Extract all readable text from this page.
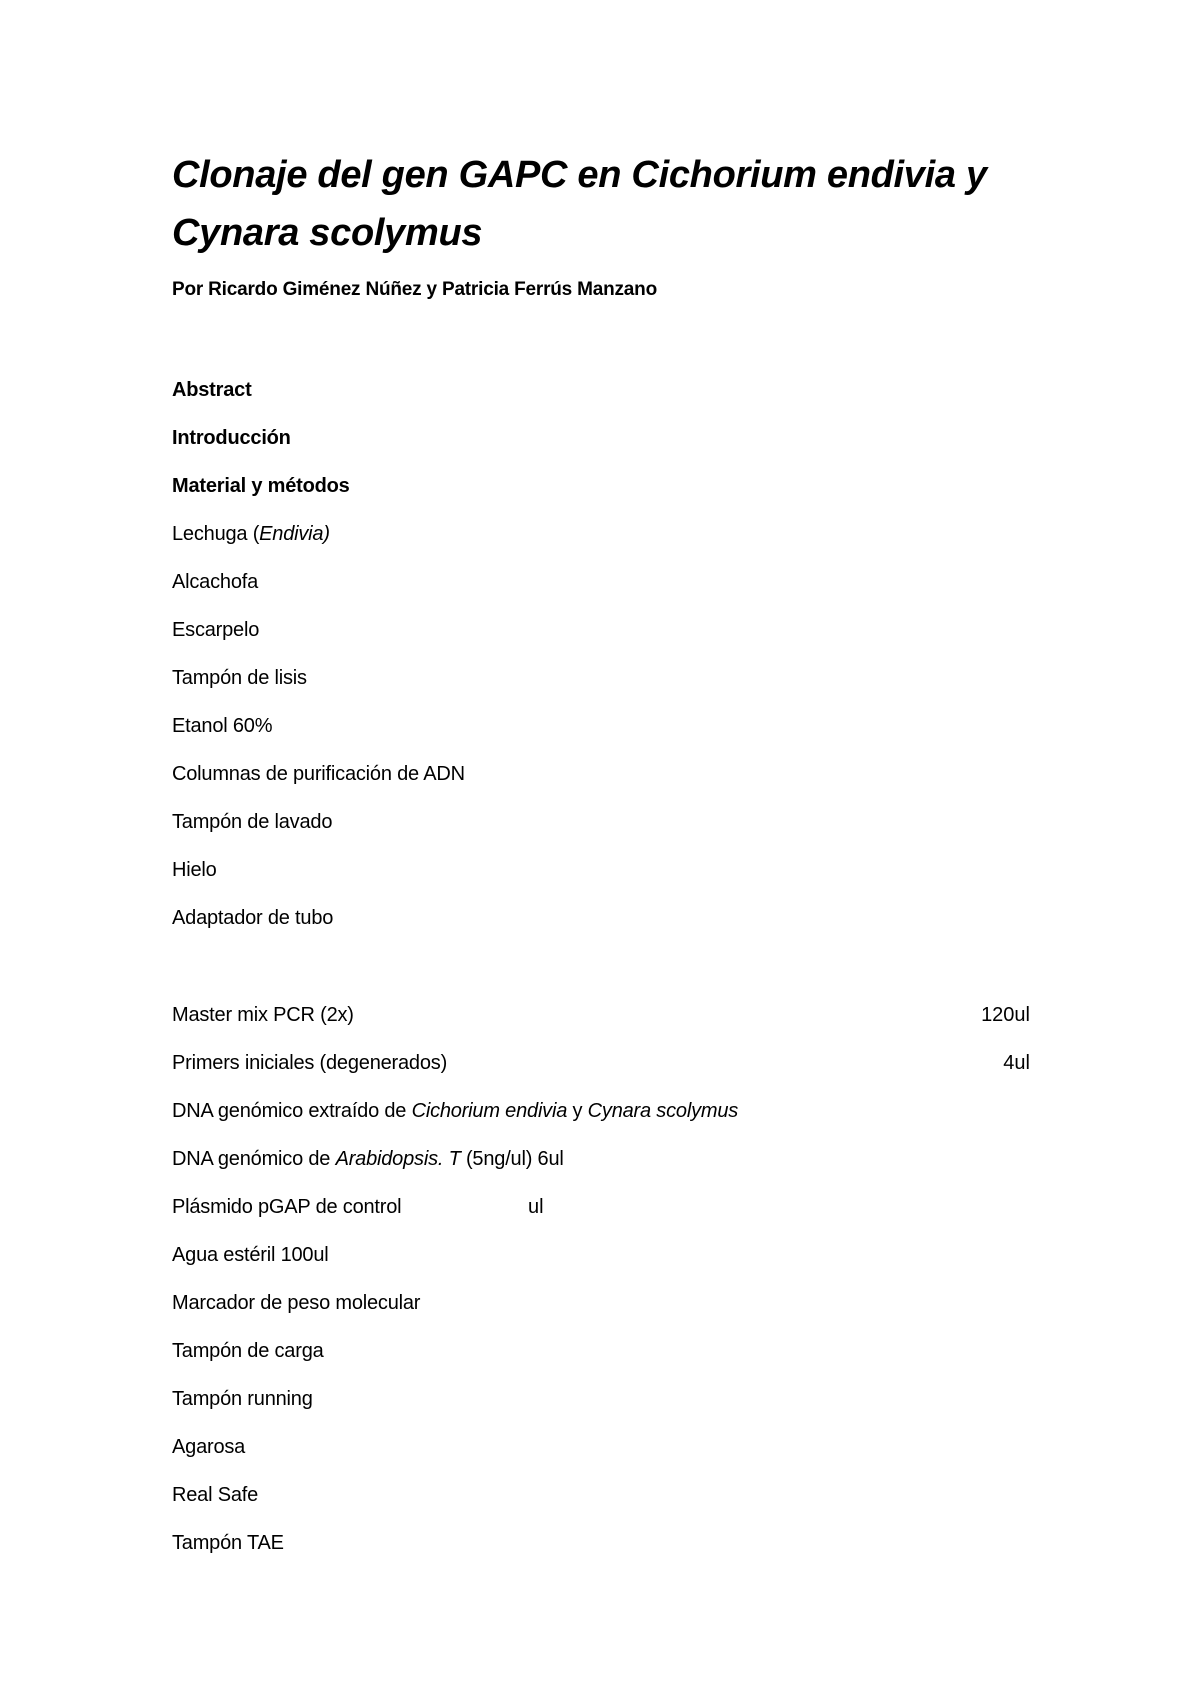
Clonaje del gen GAPC en Cichorium endivia y Cynara scolymus

Por Ricardo Giménez Núñez y Patricia Ferrús Manzano

Abstract

Introducción

Material y métodos

Lechuga (Endivia)

Alcachofa

Escarpelo

Tampón de lisis

Etanol 60%

Columnas de purificación de ADN

Tampón de lavado

Hielo

Adaptador de tubo

Master mix PCR (2x)	120ul

Primers iniciales (degenerados)	4ul

DNA genómico extraído de Cichorium endivia y Cynara scolymus

DNA genómico de Arabidopsis. T (5ng/ul) 6ul

Plásmido pGAP de control	ul

Agua estéril 100ul

Marcador de peso molecular

Tampón de carga

Tampón running

Agarosa

Real Safe

Tampón TAE
